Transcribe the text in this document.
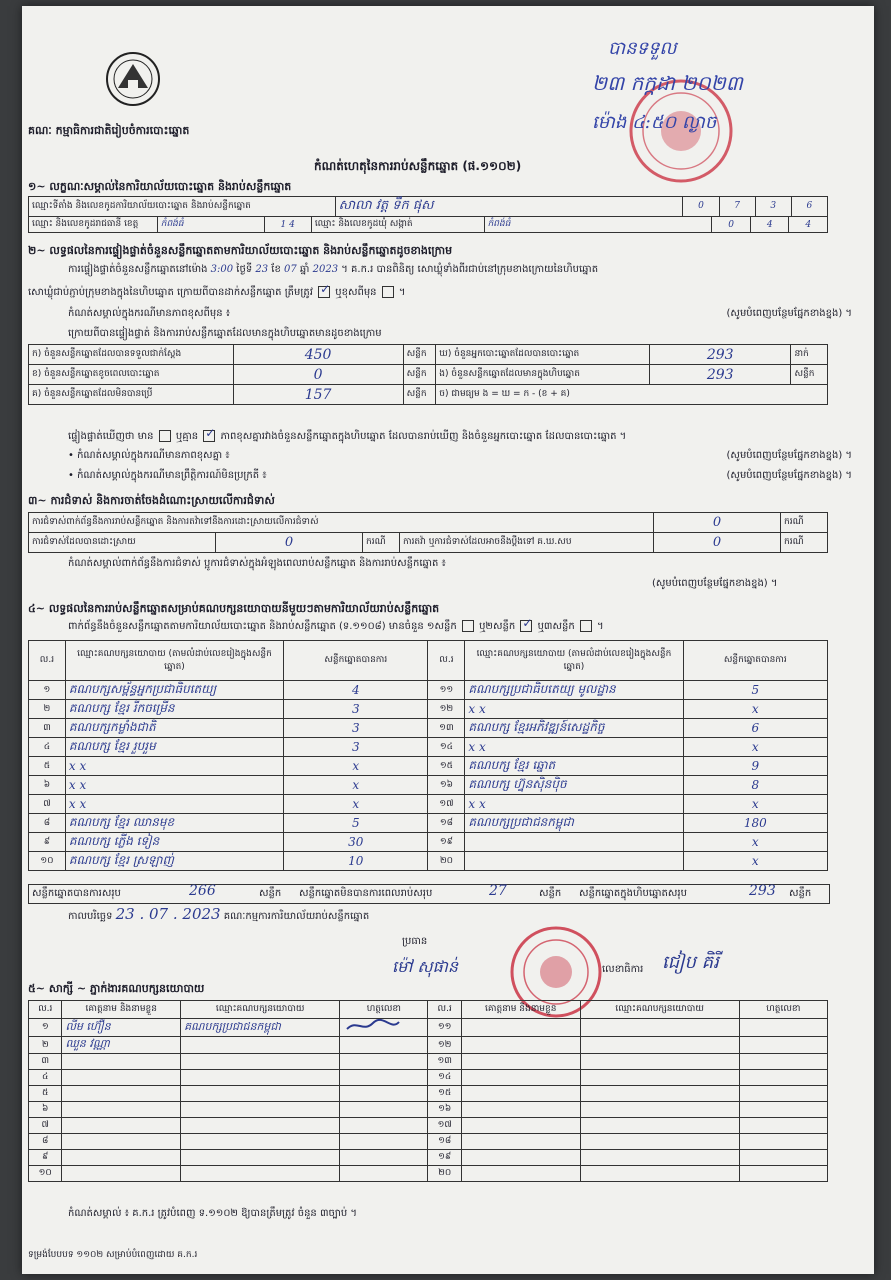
គណៈ កម្មាធិការជាតិរៀបចំការបោះឆ្នោត
បានទទួល
២៣ កក្កដា ២០២៣
ម៉ោង ៤:៥០ ល្ងាច
កំណត់ហេតុនៃការរាប់សន្លឹកឆ្នោត (ផ.១១០២)
១~ លក្ខណៈសម្គាល់នៃការិយាល័យបោះឆ្នោត និងរាប់សន្លឹកឆ្នោត
ឈ្មោះទីតាំង និងលេខកូដការិយាល័យបោះឆ្នោត និងរាប់សន្លឹកឆ្នោត	សាលា វត្ត ទឹក ផុស	0	7	3	6
ឈ្មោះ និងលេខកូដរាជធានី ខេត្ត	កំពង់ធំ	1 4	ឈ្មោះ និងលេខកូដឃុំ សង្កាត់	កំពង់ធំ	0	4	4
២~ លទ្ធផលនៃការផ្ទៀងផ្ទាត់ចំនួនសន្លឹកឆ្នោតតាមការិយាល័យបោះឆ្នោត និងរាប់សន្លឹកឆ្នោតដូចខាងក្រោម
ការផ្ទៀងផ្ទាត់ចំនួនសន្លឹកឆ្នោតនៅម៉ោង 3:00 ថ្ងៃទី 23 ខែ 07 ឆ្នាំ 2023 ។ គ.ក.រ បានពិនិត្យ សោឃ្លុំទាំងពីរជាប់នៅក្រុមខាងក្រោយនៃហិបឆ្នោត
សោឃ្លុំជាប់ភ្ជាប់ក្រុមខាងក្នុងនៃហិបឆ្នោត ក្រោយពីបានដាក់សន្លឹកឆ្នោត ត្រឹមត្រូវ ✓ ឬខុសពីមុន  ។
កំណត់សម្គាល់ក្នុងករណីមានភាពខុសពីមុន ៖	(សូមបំពេញបន្ថែមផ្នែកខាងខ្នង) ។
ក្រោយពីបានផ្ទៀងផ្ទាត់ និងការរាប់សន្លឹកឆ្នោតដែលមានក្នុងហិបឆ្នោតមានដូចខាងក្រោម
ក) ចំនួនសន្លឹកឆ្នោតដែលបានទទួលជាក់ស្តែង	450	សន្លឹក	ឃ) ចំនួនអ្នកបោះឆ្នោតដែលបានបោះឆ្នោត	293	នាក់
ខ) ចំនួនសន្លឹកឆ្នោតខូចពេលបោះឆ្នោត	0	សន្លឹក	ង) ចំនួនសន្លឹកឆ្នោតដែលមានក្នុងហិបឆ្នោត	293	សន្លឹក
គ) ចំនួនសន្លឹកឆ្នោតដែលមិនបានប្រើ	157	សន្លឹក	ច) ជាមធ្យម ង = ឃ = ក - (ខ + គ)		
ផ្ទៀងផ្ទាត់ឃើញថា មាន ឬគ្មាន ✓ ភាពខុសគ្នារវាងចំនួនសន្លឹកឆ្នោតក្នុងហិបឆ្នោត ដែលបានរាប់ឃើញ និងចំនួនអ្នកបោះឆ្នោត ដែលបានបោះឆ្នោត ។
• កំណត់សម្គាល់ក្នុងករណីមានភាពខុសគ្នា ៖	(សូមបំពេញបន្ថែមផ្នែកខាងខ្នង) ។
• កំណត់សម្គាល់ក្នុងករណីមានព្រឹត្តិការណ៍មិនប្រក្រតី ៖	(សូមបំពេញបន្ថែមផ្នែកខាងខ្នង) ។
៣~ ការជំទាស់ និងការចាត់ចែងដំណោះស្រាយលើការជំទាស់
ការជំទាស់ពាក់ព័ន្ធនឹងការរាប់សន្លឹកឆ្នោត និងការតវ៉ាទៅនឹងការដោះស្រាយលើការជំទាស់				0	ករណី
ការជំទាស់ដែលបានដោះស្រាយ	0	ករណី	ការតវ៉ា ឬការជំទាស់ដែលអាចនឹងប្តឹងទៅ គ.ឃ.សប	0	ករណី
កំណត់សម្គាល់ពាក់ព័ន្ធនឹងការជំទាស់ ប្អូការជំទាស់ក្នុងអំឡុងពេលរាប់សន្លឹកឆ្នោត និងការរាប់សន្លឹកឆ្នោត ៖
(សូមបំពេញបន្ថែមផ្នែកខាងខ្នង) ។
៤~ លទ្ធផលនៃការរាប់សន្លឹកឆ្នោតសម្រាប់គណបក្សនយោបាយនីមួយៗតាមការិយាល័យរាប់សន្លឹកឆ្នោត
ពាក់ព័ន្ធនឹងចំនួនសន្លឹកឆ្នោតតាមការិយាល័យបោះឆ្នោត និងរាប់សន្លឹកឆ្នោត (ទ.១១០៨) មានចំនួន ១សន្លឹក ឬ២សន្លឹក ✓ ឬ៣សន្លឹក  ។
ល.រ	ឈ្មោះគណបក្សនយោបាយ (តាមលំដាប់លេខរៀងក្នុងសន្លឹកឆ្នោត)	សន្លឹកឆ្នោតបានការ	ល.រ	ឈ្មោះគណបក្សនយោបាយ (តាមលំដាប់លេខរៀងក្នុងសន្លឹកឆ្នោត)	សន្លឹកឆ្នោតបានការ
១	គណបក្សសម្ព័ន្ធអ្នកប្រជាធិបតេយ្យ	4	១១	គណបក្សប្រជាធិបតេយ្យ មូលដ្ឋាន	5
២	គណបក្ស ខ្មែរ រីកចម្រើន	3	១២	x x	x
៣	គណបក្សកម្លាំងជាតិ	3	១៣	គណបក្ស ខ្មែរអភិវឌ្ឍន៍សេដ្ឋកិច្ច	6
៤	គណបក្ស ខ្មែរ រួបរួម	3	១៤	x x	x
៥	x x	x	១៥	គណបក្ស ខ្មែរ ឆ្នោត	9
៦	x x	x	១៦	គណបក្ស ហ្វ៊ុនស៊ិនប៉ិច	8
៧	x x	x	១៧	x x	x
៨	គណបក្ស ខ្មែរ ឈានមុខ	5	១៨	គណបក្សប្រជាជនកម្ពុជា	180
៩	គណបក្ស ភ្លើង ទៀន	30	១៩		x
១០	គណបក្ស ខ្មែរ ស្រឡាញ់	10	២០		x
សន្លឹកឆ្នោតបានការសរុប	266	សន្លឹក សន្លឹកឆ្នោតមិនបានការពេលរាប់សរុប	27	សន្លឹក សន្លឹកឆ្នោតក្នុងហិបឆ្នោតសរុប	293 សន្លឹក
កាលបរិច្ឆេទ 23 . 07 . 2023 គណៈកម្មការការិយាល័យរាប់សន្លឹកឆ្នោត
ប្រធាន
ម៉ៅ សុផាន់	លេខាធិការ ជៀប គិរី
៥~ សាក្សី ~ ភ្នាក់ងារគណបក្សនយោបាយ
ល.រ	គោត្តនាម និងនាមខ្លួន	ឈ្មោះគណបក្សនយោបាយ	ហត្ថលេខា	ល.រ	គោត្តនាម និងនាមខ្លួន	ឈ្មោះគណបក្សនយោបាយ	ហត្ថលេខា
១	លីម ហ៊ឿន	គណបក្សប្រជាជនកម្ពុជា		១១			
២	ឈួន វណ្ណា			១២			
៣				១៣			
៤				១៤			
៥				១៥			
៦				១៦			
៧				១៧			
៨				១៨			
៩				១៩			
១០				២០			
កំណត់សម្គាល់ ៖ គ.ក.រ ត្រូវបំពេញ ទ.១១០២ ឱ្យបានត្រឹមត្រូវ ចំនួន ៣ច្បាប់ ។
ទម្រង់បែបបទ ១១០២ សម្រាប់បំពេញដោយ គ.ក.រ
